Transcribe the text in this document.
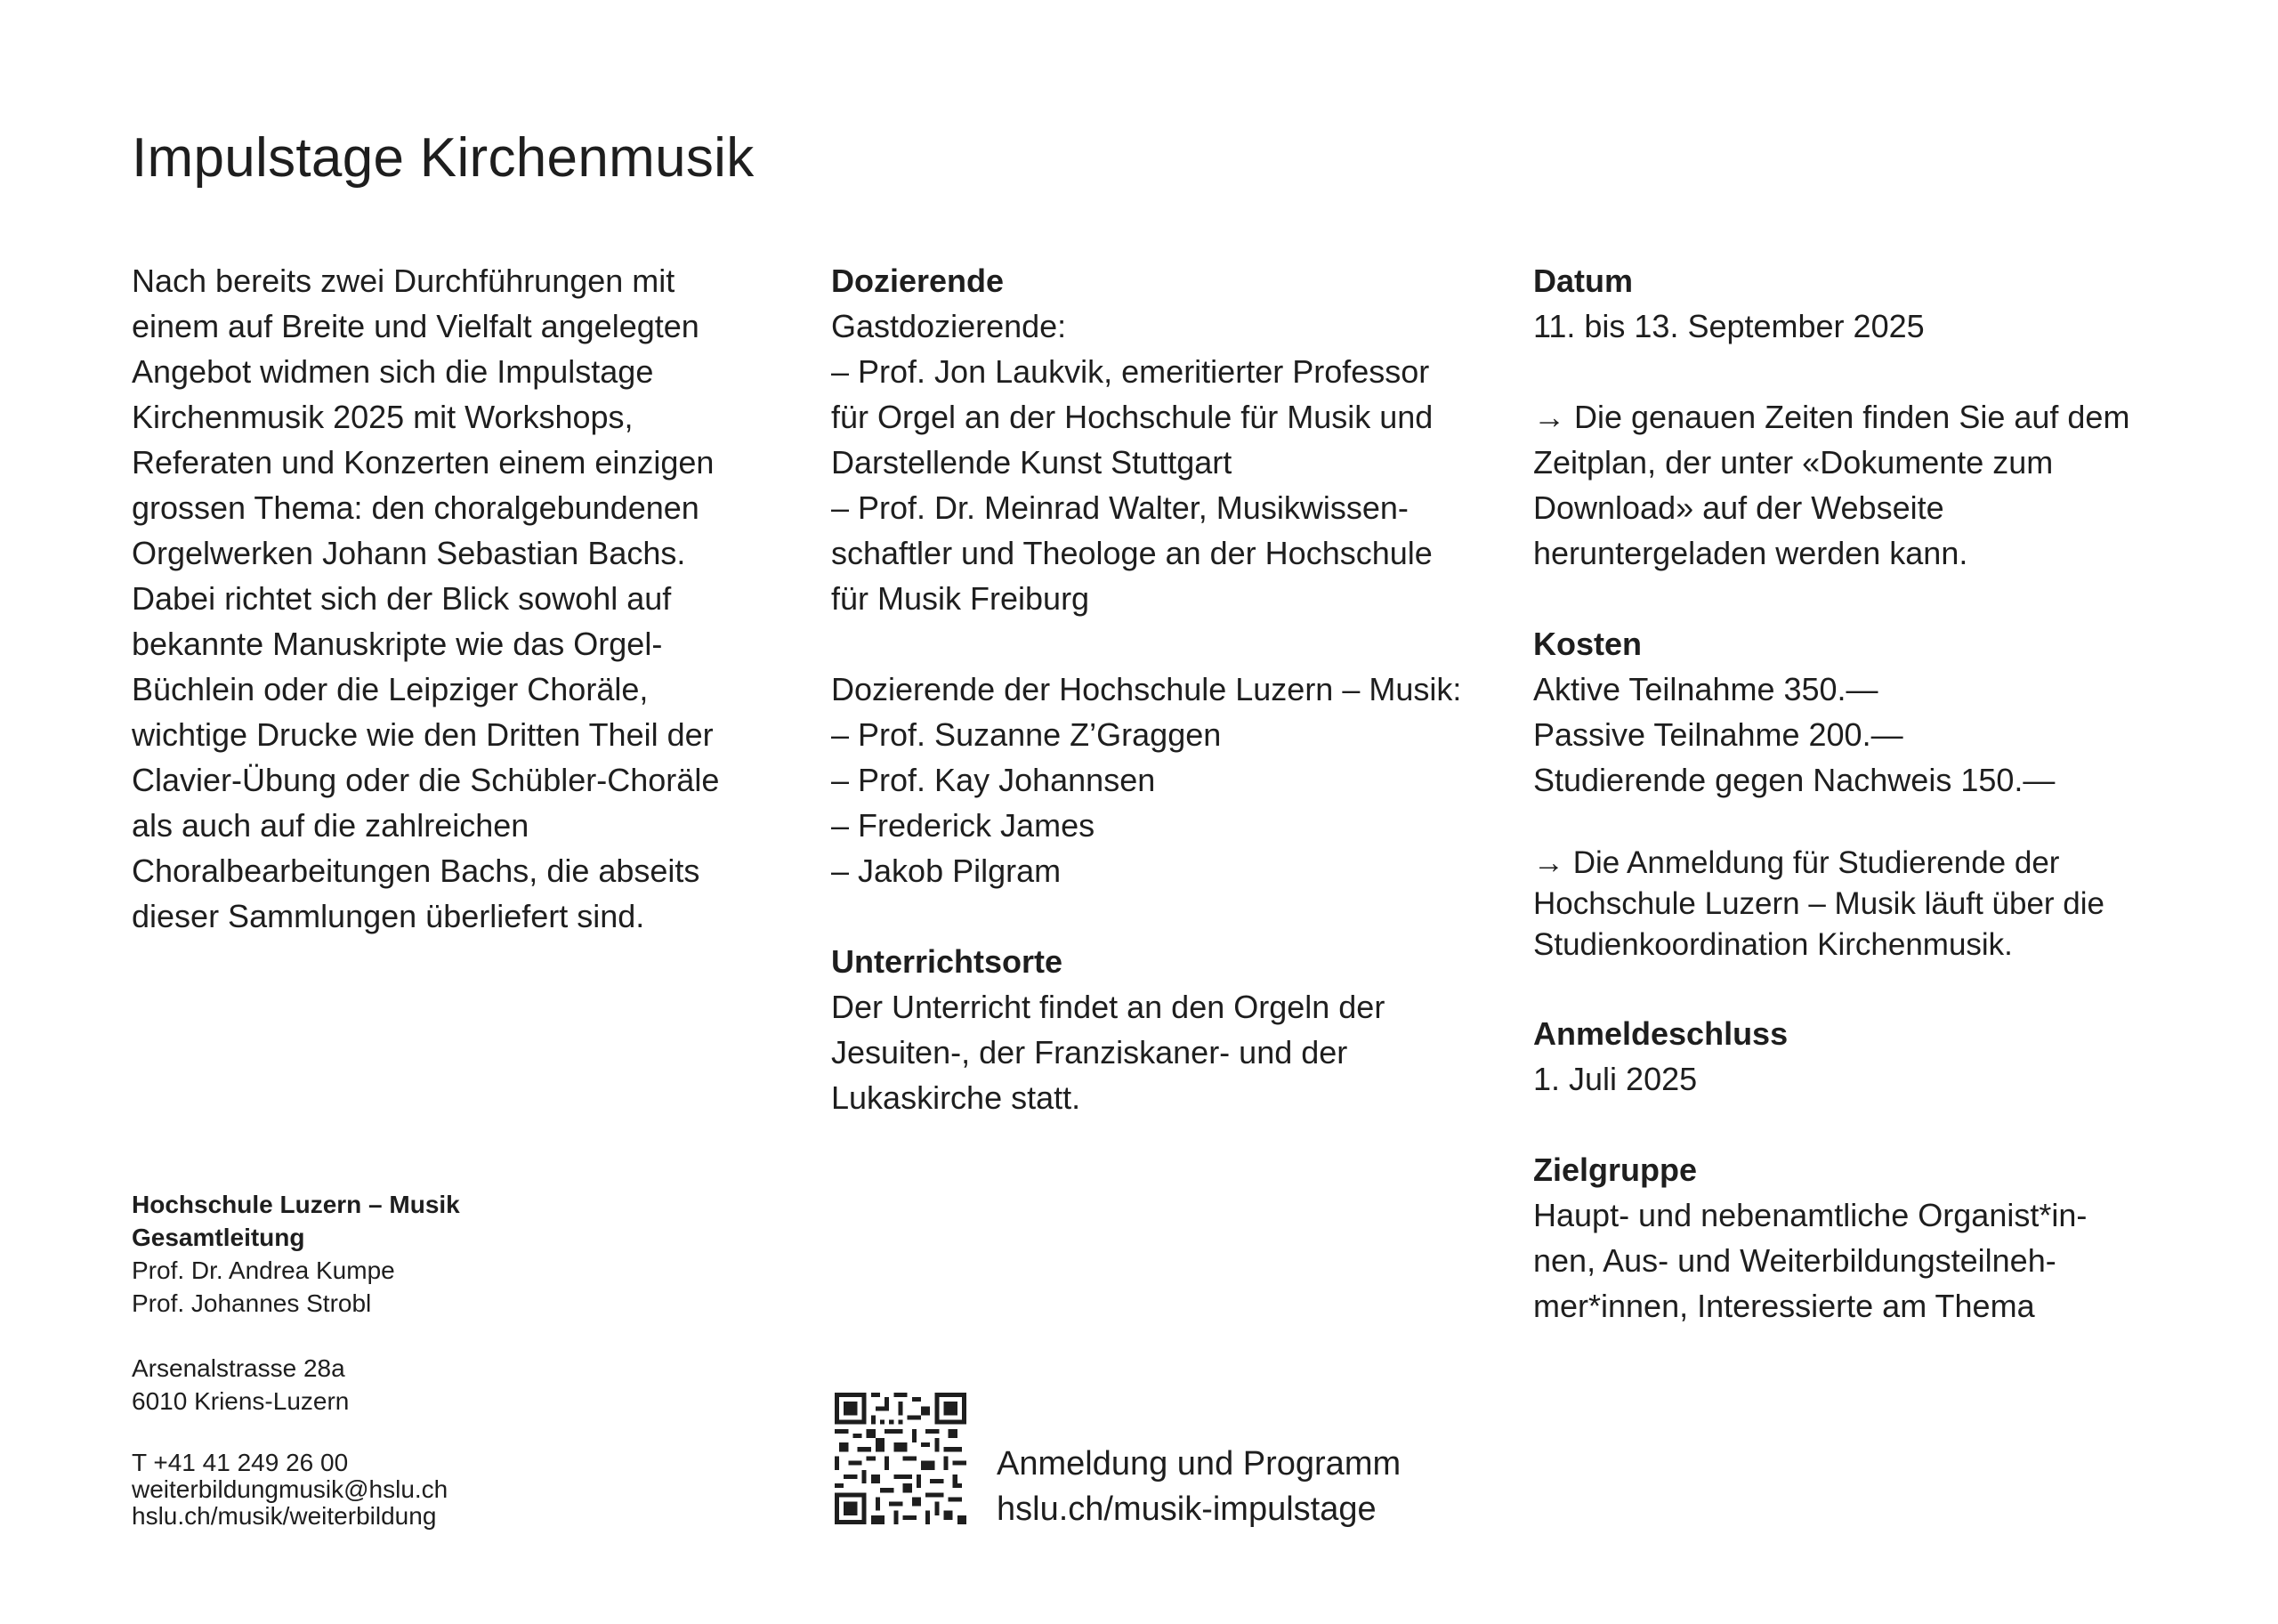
Impulstage Kirchenmusik

Nach bereits zwei Durchführungen mit
einem auf Breite und Vielfalt angelegten
Angebot widmen sich die Impulstage
Kirchenmusik 2025 mit Workshops,
Referaten und Konzerten einem einzigen
grossen Thema: den choralgebundenen
Orgelwerken Johann Sebastian Bachs.
Dabei richtet sich der Blick sowohl auf
bekannte Manuskripte wie das Orgel-
Büchlein oder die Leipziger Choräle,
wichtige Drucke wie den Dritten Theil der
Clavier-Übung oder die Schübler-Choräle
als auch auf die zahlreichen
Choralbearbeitungen Bachs, die abseits
dieser Sammlungen überliefert sind.

Dozierende

Gastdozierende:
– Prof. Jon Laukvik, emeritierter Professor
für Orgel an der Hochschule für Musik und
Darstellende Kunst Stuttgart
– Prof. Dr. Meinrad Walter, Musikwissen-
schaftler und Theologe an der Hochschule
für Musik Freiburg

Dozierende der Hochschule Luzern – Musik:
– Prof. Suzanne Z’Graggen
– Prof. Kay Johannsen
– Frederick James
– Jakob Pilgram

Unterrichtsorte

Der Unterricht findet an den Orgeln der
Jesuiten-, der Franziskaner- und der
Lukaskirche statt.

Datum

11. bis 13. September 2025

→ Die genauen Zeiten finden Sie auf dem
Zeitplan, der unter «Dokumente zum
Download» auf der Webseite
heruntergeladen werden kann.

Kosten

Aktive Teilnahme 350.—
Passive Teilnahme 200.—
Studierende gegen Nachweis 150.—

→ Die Anmeldung für Studierende der
Hochschule Luzern – Musik läuft über die
Studienkoordination Kirchenmusik.

Anmeldeschluss

1. Juli 2025

Zielgruppe

Haupt- und nebenamtliche Organist*in-
nen, Aus- und Weiterbildungsteilneh-
mer*innen, Interessierte am Thema

Hochschule Luzern – Musik
Gesamtleitung
Prof. Dr. Andrea Kumpe
Prof. Johannes Strobl
Arsenalstrasse 28a
6010 Kriens-Luzern
T +41 41 249 26 00
weiterbildungmusik@hslu.ch
hslu.ch/musik/weiterbildung
Anmeldung und Programm
hslu.ch/musik-impulstage
